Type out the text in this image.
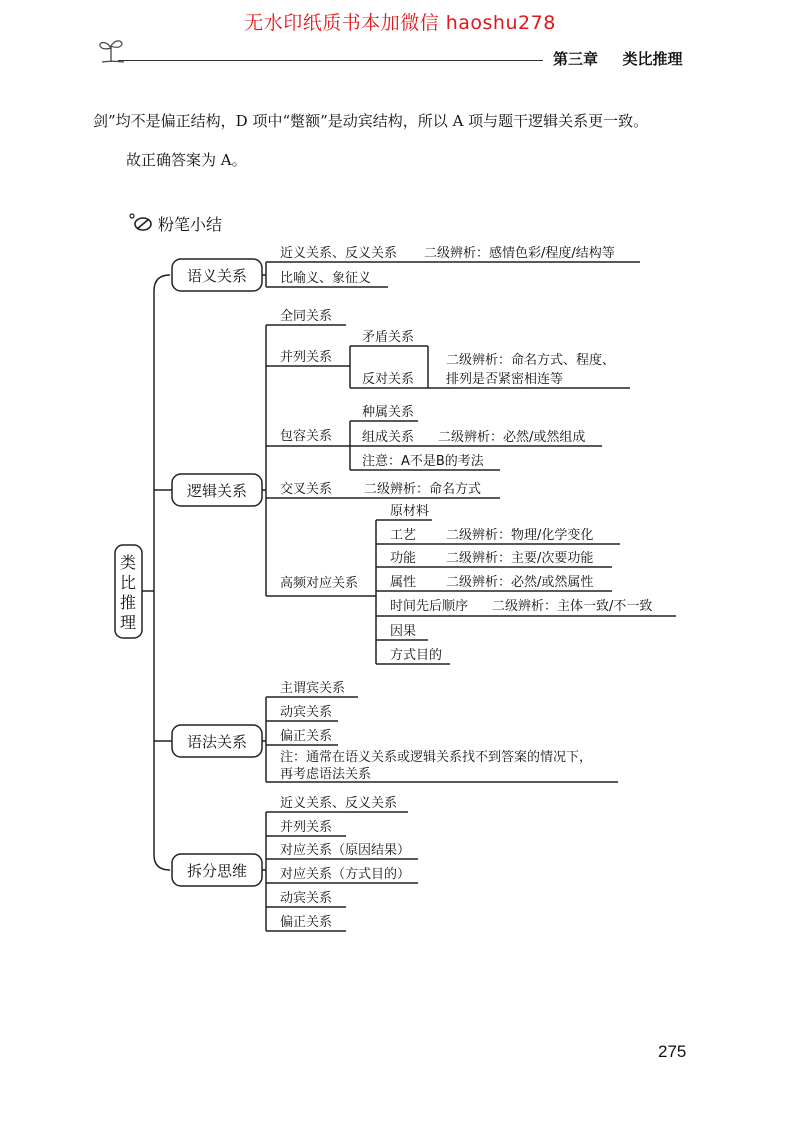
无水印纸质书本加微信 haoshu278
第三章 类比推理
剑”均不是偏正结构，D 项中“蹩额”是动宾结构，所以 A 项与题干逻辑关系更一致。
故正确答案为 A。
粉笔小结
类比推理
语义关系
逻辑关系
语法关系
拆分思维
近义关系、反义关系 二级辨析：感情色彩/程度/结构等
比喻义、象征义
全同关系
并列关系
矛盾关系
反对关系
二级辨析：命名方式、程度、
排列是否紧密相连等
包容关系
种属关系
组成关系 二级辨析：必然/或然组成
注意：A不是B的考法
交叉关系 二级辨析：命名方式
高频对应关系
原材料
工艺 二级辨析：物理/化学变化
功能 二级辨析：主要/次要功能
属性 二级辨析：必然/或然属性
时间先后顺序 二级辨析：主体一致/不一致
因果
方式目的
主谓宾关系
动宾关系
偏正关系
注：通常在语义关系或逻辑关系找不到答案的情况下，
再考虑语法关系
近义关系、反义关系
并列关系
对应关系（原因结果）
对应关系（方式目的）
动宾关系
偏正关系
275
